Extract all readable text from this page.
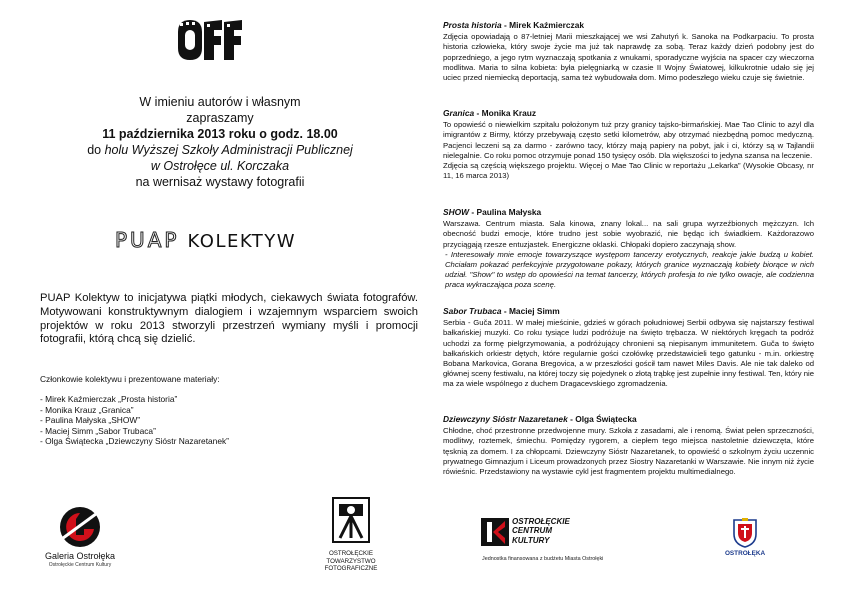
W imieniu autorów i własnym
zapraszamy
11 października 2013 roku o godz. 18.00
do holu Wyższej Szkoły Administracji Publicznej
w Ostrołęce ul. Korczaka
na wernisaż wystawy fotografii
PUAP KOLEKTYW
PUAP Kolektyw to inicjatywa piątki młodych, ciekawych świata fotografów. Motywowani konstruktywnym dialogiem i wzajemnym wsparciem swoich projektów w roku 2013 stworzyli przestrzeń wymiany myśli i promocji fotografii, którą chcą się dzielić.
Członkowie kolektywu i prezentowane materiały:
- Mirek Kaźmierczak „Prosta historia”
- Monika Krauz „Granica”
- Paulina Małyska „SHOW”
- Maciej Simm „Sabor Trubaca”
- Olga Świątecka „Dziewczyny Sióstr Nazaretanek”
Galeria Ostrołęka
Ostrołęckie Centrum Kultury
OSTROŁĘCKIE
TOWARZYSTWO
FOTOGRAFICZNE
Prosta historia - Mirek Kaźmierczak

Zdjęcia opowiadają o 87-letniej Marii mieszkającej we wsi Zahutyń k. Sanoka na Podkarpaciu. To prosta historia człowieka, który swoje życie ma już tak naprawdę za sobą. Teraz każdy dzień podobny jest do poprzedniego, a jego rytm wyznaczają spotkania z wnukami, sporadyczne wyjścia na spacer czy wieczorna modlitwa. Maria to silna kobieta: była pielęgniarką w czasie II Wojny Światowej, kilkukrotnie udało się jej uciec przed niemiecką deportacją, sama też wybudowała dom. Mimo podeszłego wieku czuje się świetnie.

Granica - Monika Krauz

To opowieść o niewielkim szpitalu położonym tuż przy granicy tajsko-birmańskiej. Mae Tao Clinic to azyl dla imigrantów z Birmy, którzy przebywają często setki kilometrów, aby otrzymać niezbędną pomoc medyczną. Pacjenci leczeni są za darmo - zarówno tacy, którzy mają papiery na pobyt, jak i ci, którzy są w Tajlandii nielegalnie. Co roku pomoc otrzymuje ponad 150 tysięcy osób. Dla większości to jedyna szansa na leczenie.

Zdjęcia są częścią większego projektu. Więcej o Mae Tao Clinic w reportażu „Lekarka” (Wysokie Obcasy, nr 11, 16 marca 2013)

SHOW - Paulina Małyska

Warszawa. Centrum miasta. Sala kinowa, znany lokal... na sali grupa wyrzeźbionych mężczyzn. Ich obecność budzi emocje, które trudno jest sobie wyobrazić, nie będąc ich świadkiem. Każdorazowo przyciągają rzesze entuzjastek. Energiczne oklaski. Chłopaki dopiero zaczynają show.

- Interesowały mnie emocje towarzyszące występom tancerzy erotycznych, reakcje jakie budzą u kobiet. Chciałam pokazać perfekcyjnie przygotowane pokazy, których granice wyznaczają kobiety biorące w nich udział. "Show" to wstęp do opowieści na temat tancerzy, których profesja to nie tylko owacje, ale codzienna praca wykraczająca poza scenę.

Sabor Trubaca - Maciej Simm

Serbia - Guča 2011. W małej mieścinie, gdzieś w górach południowej Serbii odbywa się najstarszy festiwal bałkańskiej muzyki. Co roku tysiące ludzi podróżuje na święto trębacza. W niektórych kręgach ta podróż uchodzi za formę pielgrzymowania, a podróżujący chronieni są niepisanym immunitetem. Guča to święto bałkańskich orkiestr dętych, które regularnie gości czołówkę przedstawicieli tego gatunku - m.in. orkiestrę Bobana Markovica, Gorana Bregovica, a w przeszłości gościł tam nawet Miles Davis. Ale nie tak daleko od głównej sceny festiwalu, na której toczy się pojedynek o złotą trąbkę jest zupełnie inny festiwal. Ten, który nie ma za wiele wspólnego z duchem Dragacevskiego zgromadzenia.

Dziewczyny Sióstr Nazaretanek - Olga Świątecka

Chłodne, choć przestronne przedwojenne mury. Szkoła z zasadami, ale i renomą. Świat pełen sprzeczności, modlitwy, roztemek, śmiechu. Pomiędzy rygorem, a ciepłem tego miejsca nastoletnie dziewczęta, które tęsknią za domem. I za chłopcami. Dziewczyny Sióstr Nazaretanek, to opowieść o szkolnym życiu uczennic prywatnego Gimnazjum i Liceum prowadzonych przez Siostry Nazaretanki w Warszawie. Nie innym niż życie rówieśnic. Przedstawiony na wystawie cykl jest fragmentem projektu multimedialnego.

OSTROŁĘCKIE
CENTRUM
KULTURY
Jednostka finansowana z budżetu Miasta Ostrołęki
OSTROŁĘKA
